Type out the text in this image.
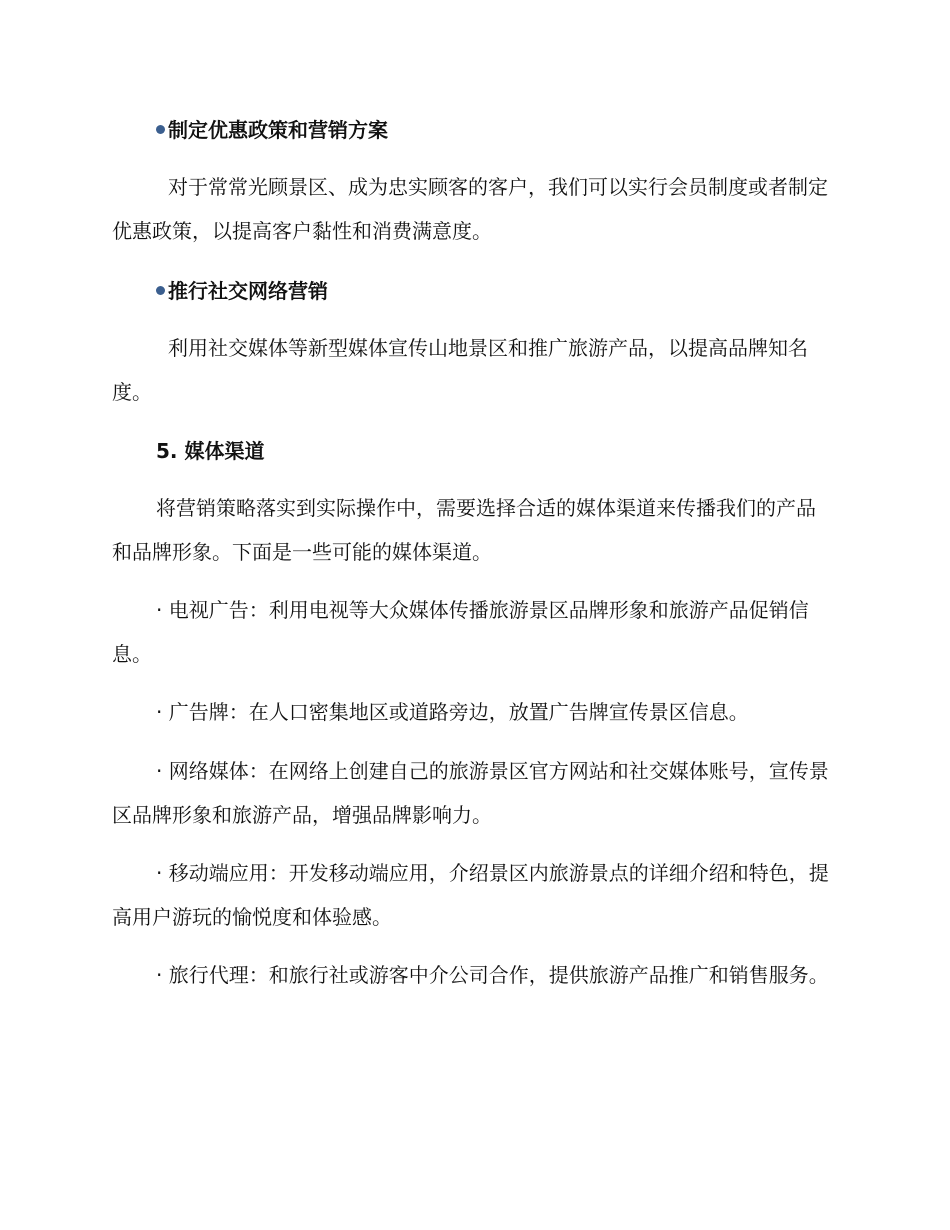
制定优惠政策和营销方案

对于常常光顾景区、成为忠实顾客的客户，我们可以实行会员制度或者制定优惠政策，以提高客户黏性和消费满意度。

推行社交网络营销

利用社交媒体等新型媒体宣传山地景区和推广旅游产品，以提高品牌知名度。

5. 媒体渠道

将营销策略落实到实际操作中，需要选择合适的媒体渠道来传播我们的产品和品牌形象。下面是一些可能的媒体渠道。

· 电视广告：利用电视等大众媒体传播旅游景区品牌形象和旅游产品促销信息。

· 广告牌：在人口密集地区或道路旁边，放置广告牌宣传景区信息。

· 网络媒体：在网络上创建自己的旅游景区官方网站和社交媒体账号，宣传景区品牌形象和旅游产品，增强品牌影响力。

· 移动端应用：开发移动端应用，介绍景区内旅游景点的详细介绍和特色，提高用户游玩的愉悦度和体验感。

· 旅行代理：和旅行社或游客中介公司合作，提供旅游产品推广和销售服务。
